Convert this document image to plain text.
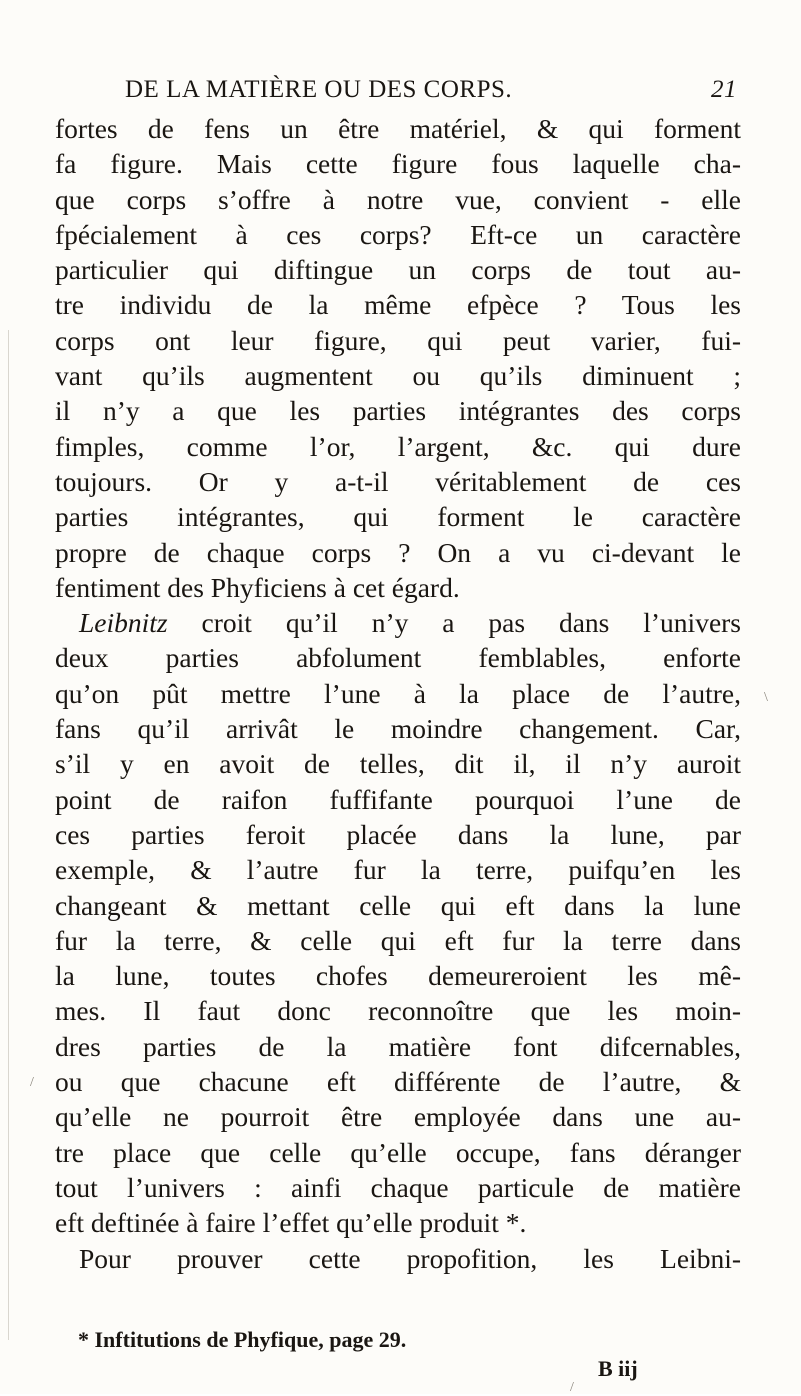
DE LA MATIÈRE OU DES CORPS.	21
fortes de fens un être matériel, & qui forment
fa figure. Mais cette figure fous laquelle cha-
que corps s’offre à notre vue, convient - elle
fpécialement à ces corps? Eft-ce un caractère
particulier qui diftingue un corps de tout au-
tre individu de la même efpèce ? Tous les
corps ont leur figure, qui peut varier, fui-
vant qu’ils augmentent ou qu’ils diminuent ;
il n’y a que les parties intégrantes des corps
fimples, comme l’or, l’argent, &c. qui dure
toujours. Or y a-t-il véritablement de ces
parties intégrantes, qui forment le caractère
propre de chaque corps ? On a vu ci-devant le
fentiment des Phyficiens à cet égard.
Leibnitz croit qu’il n’y a pas dans l’univers
deux parties abfolument femblables, enforte
qu’on pût mettre l’une à la place de l’autre,
fans qu’il arrivât le moindre changement. Car,
s’il y en avoit de telles, dit il, il n’y auroit
point de raifon fuffifante pourquoi l’une de
ces parties feroit placée dans la lune, par
exemple, & l’autre fur la terre, puifqu’en les
changeant & mettant celle qui eft dans la lune
fur la terre, & celle qui eft fur la terre dans
la lune, toutes chofes demeureroient les mê-
mes. Il faut donc reconnoître que les moin-
dres parties de la matière font difcernables,
ou que chacune eft différente de l’autre, &
qu’elle ne pourroit être employée dans une au-
tre place que celle qu’elle occupe, fans déranger
tout l’univers : ainfi chaque particule de matière
eft deftinée à faire l’effet qu’elle produit *.
Pour prouver cette propofition, les Leibni-
* Inftitutions de Phyfique, page 29.
B iij
\
/
/
